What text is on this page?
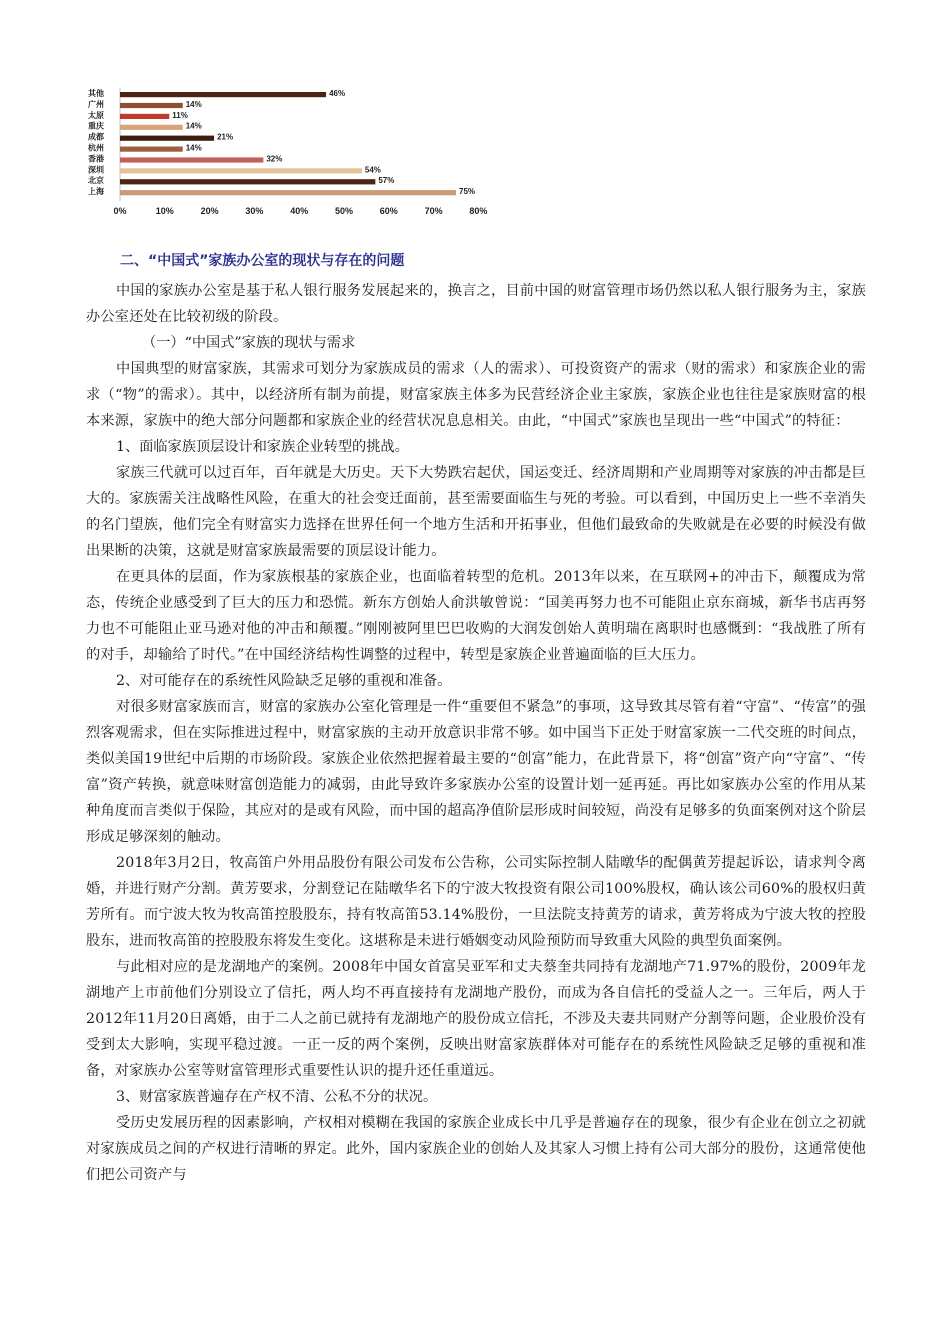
其他	46%
广州	14%
太原	11%
重庆	14%
成都	21%
杭州	14%
香港	32%
深圳	54%
北京	57%
上海	75%
0%	10%	20%	30%	40%	50%	60%	70%	80%

二、“中国式”家族办公室的现状与存在的问题

中国的家族办公室是基于私人银行服务发展起来的，换言之，目前中国的财富管理市场仍然以私人银行服务为主，家族办公室还处在比较初级的阶段。

（一）“中国式”家族的现状与需求

中国典型的财富家族，其需求可划分为家族成员的需求（人的需求）、可投资资产的需求（财的需求）和家族企业的需求（“物”的需求）。其中，以经济所有制为前提，财富家族主体多为民营经济企业主家族，家族企业也往往是家族财富的根本来源，家族中的绝大部分问题都和家族企业的经营状况息息相关。由此，“中国式”家族也呈现出一些“中国式”的特征：

1、面临家族顶层设计和家族企业转型的挑战。

家族三代就可以过百年，百年就是大历史。天下大势跌宕起伏，国运变迁、经济周期和产业周期等对家族的冲击都是巨大的。家族需关注战略性风险，在重大的社会变迁面前，甚至需要面临生与死的考验。可以看到，中国历史上一些不幸消失的名门望族，他们完全有财富实力选择在世界任何一个地方生活和开拓事业，但他们最致命的失败就是在必要的时候没有做出果断的决策，这就是财富家族最需要的顶层设计能力。

在更具体的层面，作为家族根基的家族企业，也面临着转型的危机。2013年以来，在互联网+的冲击下，颠覆成为常态，传统企业感受到了巨大的压力和恐慌。新东方创始人俞洪敏曾说：“国美再努力也不可能阻止京东商城，新华书店再努力也不可能阻止亚马逊对他的冲击和颠覆。”刚刚被阿里巴巴收购的大润发创始人黄明瑞在离职时也感慨到：“我战胜了所有的对手，却输给了时代。”在中国经济结构性调整的过程中，转型是家族企业普遍面临的巨大压力。

2、对可能存在的系统性风险缺乏足够的重视和准备。

对很多财富家族而言，财富的家族办公室化管理是一件“重要但不紧急”的事项，这导致其尽管有着“守富”、“传富”的强烈客观需求，但在实际推进过程中，财富家族的主动开放意识非常不够。如中国当下正处于财富家族一二代交班的时间点，类似美国19世纪中后期的市场阶段。家族企业依然把握着最主要的“创富”能力，在此背景下，将“创富”资产向“守富”、“传富”资产转换，就意味财富创造能力的减弱，由此导致许多家族办公室的设置计划一延再延。再比如家族办公室的作用从某种角度而言类似于保险，其应对的是或有风险，而中国的超高净值阶层形成时间较短，尚没有足够多的负面案例对这个阶层形成足够深刻的触动。

2018年3月2日，牧高笛户外用品股份有限公司发布公告称，公司实际控制人陆暾华的配偶黄芳提起诉讼，请求判令离婚，并进行财产分割。黄芳要求，分割登记在陆暾华名下的宁波大牧投资有限公司100%股权，确认该公司60%的股权归黄芳所有。而宁波大牧为牧高笛控股股东，持有牧高笛53.14%股份，一旦法院支持黄芳的请求，黄芳将成为宁波大牧的控股股东，进而牧高笛的控股股东将发生变化。这堪称是未进行婚姻变动风险预防而导致重大风险的典型负面案例。

与此相对应的是龙湖地产的案例。2008年中国女首富吴亚军和丈夫蔡奎共同持有龙湖地产71.97%的股份，2009年龙湖地产上市前他们分别设立了信托，两人均不再直接持有龙湖地产股份，而成为各自信托的受益人之一。三年后，两人于2012年11月20日离婚，由于二人之前已就持有龙湖地产的股份成立信托，不涉及夫妻共同财产分割等问题，企业股价没有受到太大影响，实现平稳过渡。一正一反的两个案例，反映出财富家族群体对可能存在的系统性风险缺乏足够的重视和准备，对家族办公室等财富管理形式重要性认识的提升还任重道远。

3、财富家族普遍存在产权不清、公私不分的状况。

受历史发展历程的因素影响，产权相对模糊在我国的家族企业成长中几乎是普遍存在的现象，很少有企业在创立之初就对家族成员之间的产权进行清晰的界定。此外，国内家族企业的创始人及其家人习惯上持有公司大部分的股份，这通常使他们把公司资产与
